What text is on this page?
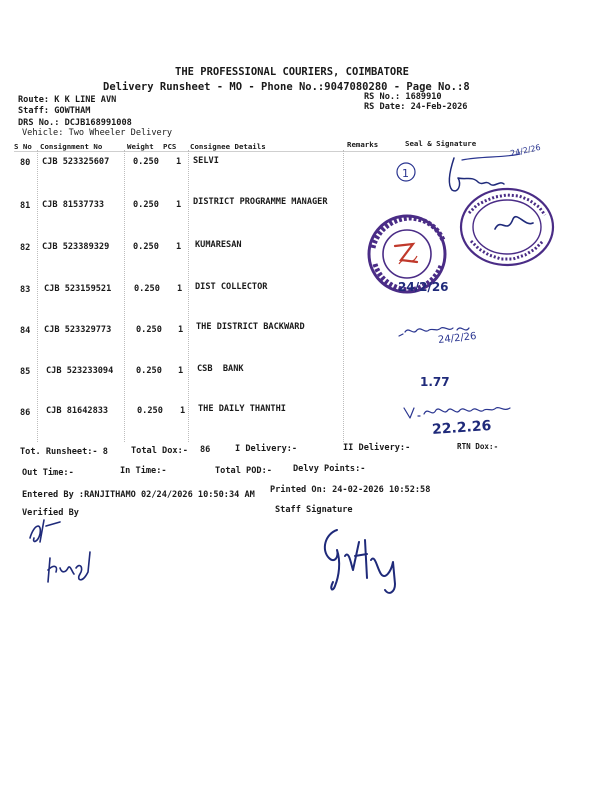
THE PROFESSIONAL COURIERS, COIMBATORE
Delivery Runsheet - MO - Phone No.:9047080280 - Page No.:8
Route: K K LINE AVN
Staff: GOWTHAM
DRS No.: DCJB168991008
Vehicle: Two Wheeler Delivery
RS No.: 1689910
RS Date: 24-Feb-2026
S No Consignment No	Weight PCS Consignee Details	Remarks	Seal & Signature
80 CJB 523325607	0.250 1 SELVI
81 CJB 81537733	0.250 1 DISTRICT PROGRAMME MANAGER
82 CJB 523389329	0.250 1 KUMARESAN
83 CJB 523159521	0.250 1 DIST COLLECTOR
84 CJB 523329773	0.250 1 THE DISTRICT BACKWARD
85 CJB 523233094	0.250 1 CSB  BANK
86 CJB 81642833	0.250 1 THE DAILY THANTHI
Tot. Runsheet:- 8	Total Dox:- 86	I Delivery:-	II Delivery:-	RTN Dox:-
Out Time:-	In Time:-	Total POD:- Delvy Points:-
Entered By :RANJITHAMO 02/24/2026 10:50:34 AM Printed On: 24-02-2026 10:52:58
Verified By	Staff Signature
1
24/2/26
24/2/26
24/2/26
1.77
22.2.26
